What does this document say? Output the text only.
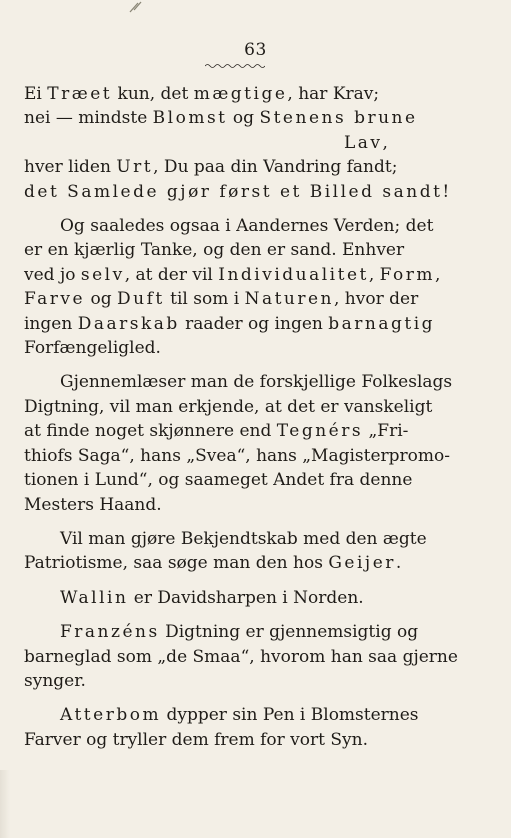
63
Ei Træet kun, det mægtige, har Krav;
nei — mindste Blomst og Stenens brune
Lav,
hver liden Urt, Du paa din Vandring fandt;
det Samlede gjør først et Billed sandt!
Og saaledes ogsaa i Aandernes Verden; det
er en kjærlig Tanke, og den er sand. Enhver
ved jo selv, at der vil Individualitet, Form,
Farve og Duft til som i Naturen, hvor der
ingen Daarskab raader og ingen barnagtig
Forfængeligled.
Gjennemlæser man de forskjellige Folkeslags
Digtning, vil man erkjende, at det er vanskeligt
at finde noget skjønnere end Tegnérs „Fri-
thiofs Saga“, hans „Svea“, hans „Magisterpromo-
tionen i Lund“, og saameget Andet fra denne
Mesters Haand.
Vil man gjøre Bekjendtskab med den ægte
Patriotisme, saa søge man den hos Geijer.
Wallin er Davidsharpen i Norden.
Franzéns Digtning er gjennemsigtig og
barneglad som „de Smaa“, hvorom han saa gjerne
synger.
Atterbom dypper sin Pen i Blomsternes
Farver og tryller dem frem for vort Syn.
